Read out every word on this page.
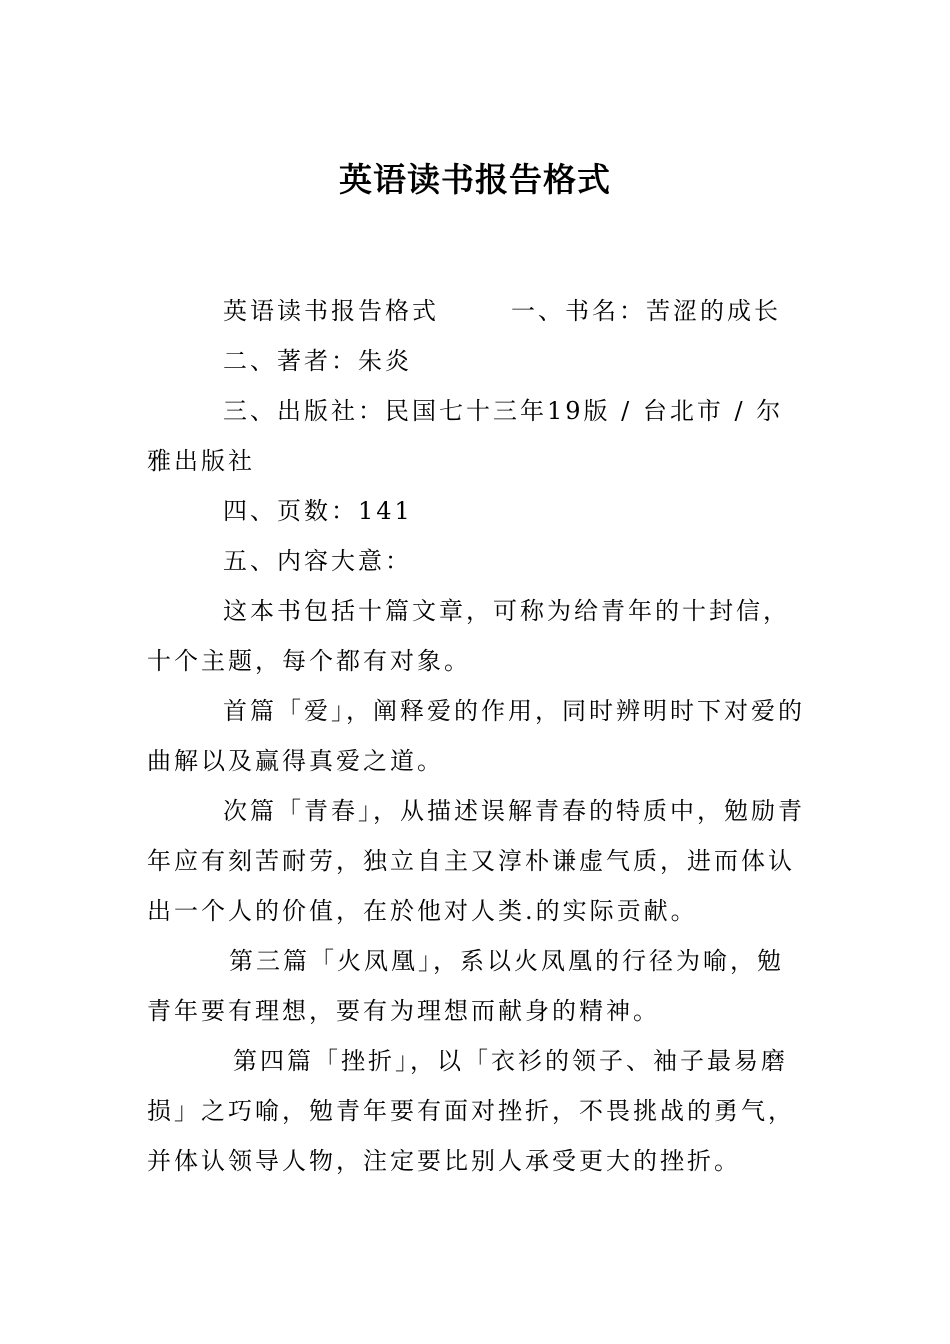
英语读书报告格式

英语读书报告格式	一、书名：苦涩的成长

二、著者：朱炎

三、出版社：民国七十三年19版 / 台北市 / 尔雅出版社

四、页数：141

五、内容大意：

这本书包括十篇文章，可称为给青年的十封信，十个主题，每个都有对象。

首篇「爱」，阐释爱的作用，同时辨明时下对爱的曲解以及赢得真爱之道。

次篇「青春」，从描述误解青春的特质中，勉励青年应有刻苦耐劳，独立自主又淳朴谦虚气质，进而体认出一个人的价值，在於他对人类.的实际贡献。

第三篇「火凤凰」，系以火凤凰的行径为喻，勉青年要有理想，要有为理想而献身的精神。

第四篇「挫折」，以「衣衫的领子、袖子最易磨损」之巧喻，勉青年要有面对挫折，不畏挑战的勇气，并体认领导人物，注定要比别人承受更大的挫折。
